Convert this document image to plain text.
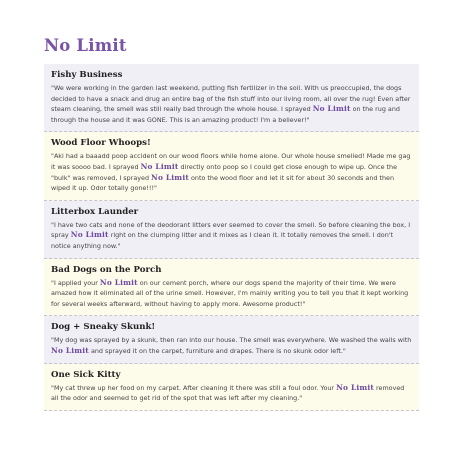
No Limit
Fishy Business

"We were working in the garden last weekend, putting fish fertilizer in the soil. With us preoccupied, the dogs decided to have a snack and drug an entire bag of the fish stuff into our living room, all over the rug! Even after steam cleaning, the smell was still really bad through the whole house. I sprayed No Limit on the rug and through the house and it was GONE. This is an amazing product! I'm a believer!"

Wood Floor Whoops!

"Aki had a baaadd poop accident on our wood floors while home alone. Our whole house smelled! Made me gag it was soooo bad. I sprayed No Limit directly onto poop so I could get close enough to wipe up. Once the "bulk" was removed, I sprayed No Limit onto the wood floor and let it sit for about 30 seconds and then wiped it up. Odor totally gone!!!"

Litterbox Launder

"I have two cats and none of the deodorant litters ever seemed to cover the smell. So before cleaning the box, I spray No Limit right on the clumping litter and it mixes as I clean it. It totally removes the smell. I don't notice anything now."

Bad Dogs on the Porch

"I applied your No Limit on our cement porch, where our dogs spend the majority of their time. We were amazed how it eliminated all of the urine smell. However, I'm mainly writing you to tell you that it kept working for several weeks afterward, without having to apply more. Awesome product!"

Dog + Sneaky Skunk!

"My dog was sprayed by a skunk, then ran into our house. The smell was everywhere. We washed the walls with No Limit and sprayed it on the carpet, furniture and drapes. There is no skunk odor left."

One Sick Kitty

"My cat threw up her food on my carpet. After cleaning it there was still a foul odor. Your No Limit removed all the odor and seemed to get rid of the spot that was left after my cleaning."
